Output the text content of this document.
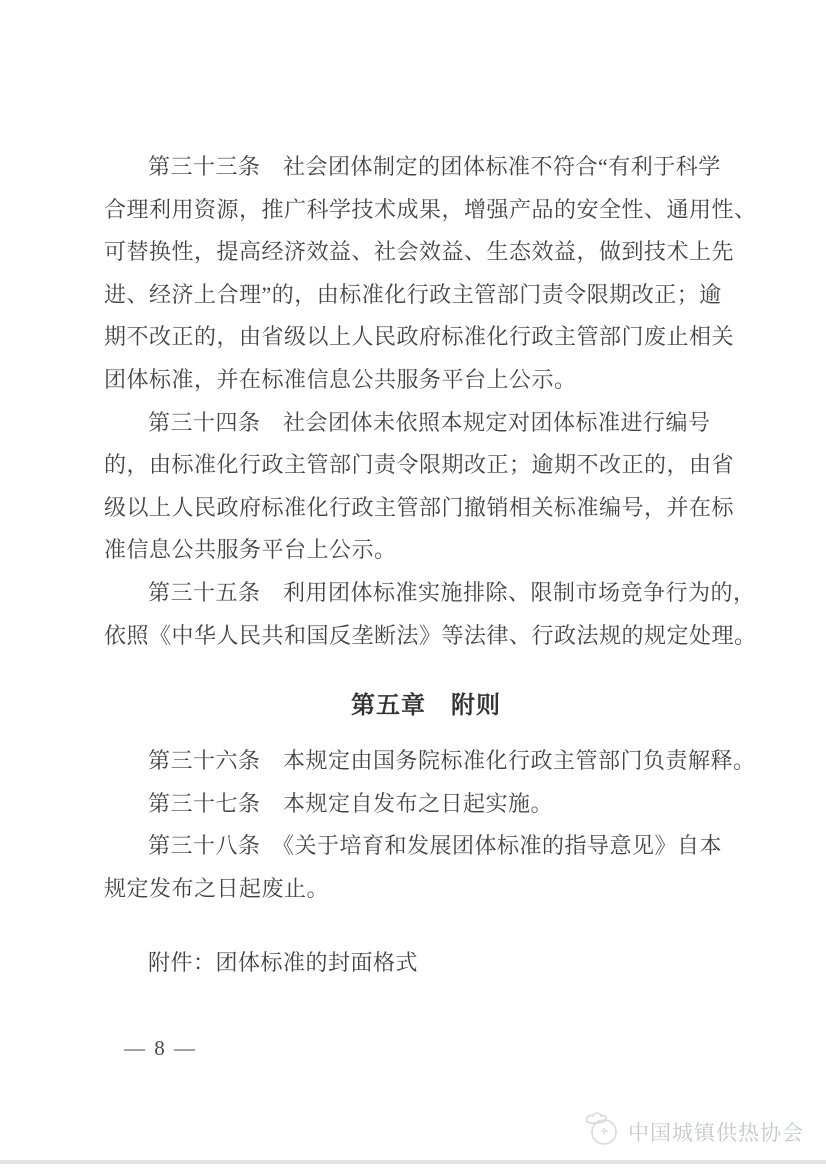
第三十三条　社会团体制定的团体标准不符合“有利于科学
合理利用资源，推广科学技术成果，增强产品的安全性、通用性、
可替换性，提高经济效益、社会效益、生态效益，做到技术上先
进、经济上合理”的，由标准化行政主管部门责令限期改正；逾
期不改正的，由省级以上人民政府标准化行政主管部门废止相关
团体标准，并在标准信息公共服务平台上公示。
第三十四条　社会团体未依照本规定对团体标准进行编号
的，由标准化行政主管部门责令限期改正；逾期不改正的，由省
级以上人民政府标准化行政主管部门撤销相关标准编号，并在标
准信息公共服务平台上公示。
第三十五条　利用团体标准实施排除、限制市场竞争行为的，
依照《中华人民共和国反垄断法》等法律、行政法规的规定处理。
第五章　附则
第三十六条　本规定由国务院标准化行政主管部门负责解释。
第三十七条　本规定自发布之日起实施。
第三十八条　《关于培育和发展团体标准的指导意见》自本
规定发布之日起废止。
附件：团体标准的封面格式
— 8 —
中国城镇供热协会
